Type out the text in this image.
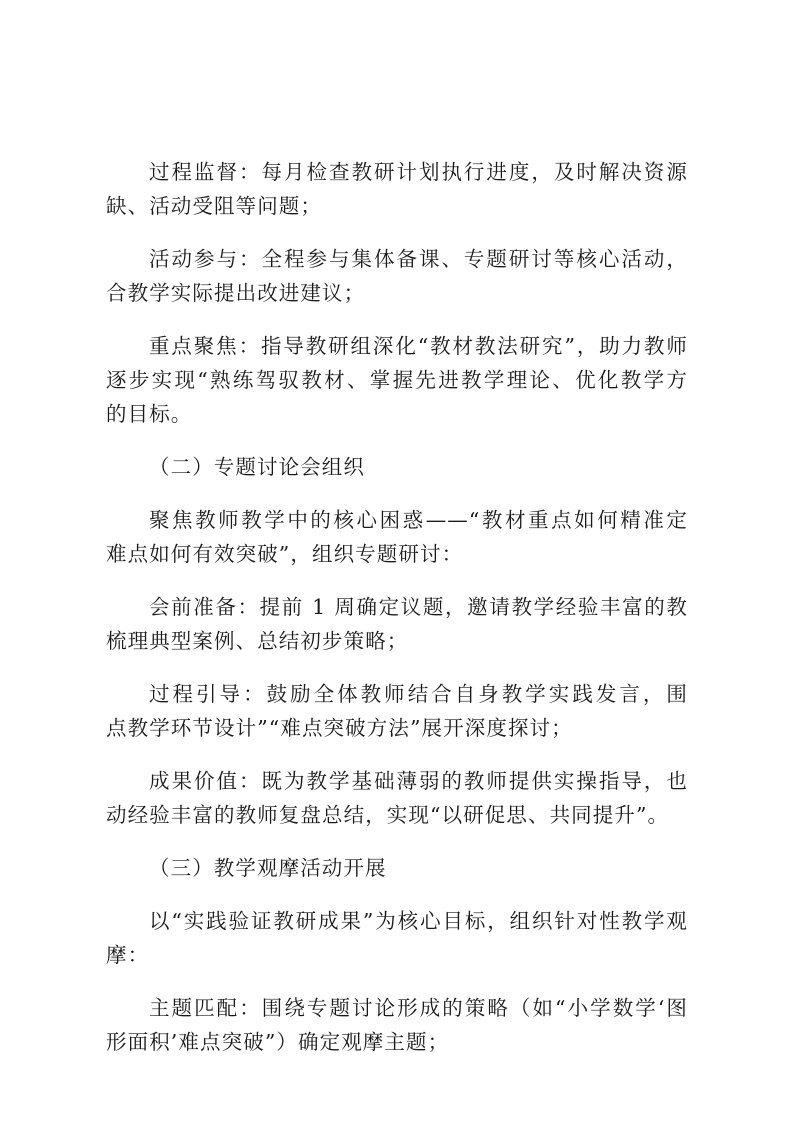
过程监督：每月检查教研计划执行进度，及时解决资源
缺、活动受阻等问题；
活动参与：全程参与集体备课、专题研讨等核心活动，
合教学实际提出改进建议；
重点聚焦：指导教研组深化“教材教法研究”，助力教师
逐步实现“熟练驾驭教材、掌握先进教学理论、优化教学方
的目标。
（二）专题讨论会组织
聚焦教师教学中的核心困惑——“教材重点如何精准定
难点如何有效突破”，组织专题研讨：
会前准备：提前 1 周确定议题，邀请教学经验丰富的教
梳理典型案例、总结初步策略；
过程引导：鼓励全体教师结合自身教学实践发言，围
点教学环节设计”“难点突破方法”展开深度探讨；
成果价值：既为教学基础薄弱的教师提供实操指导，也
动经验丰富的教师复盘总结，实现“以研促思、共同提升”。
（三）教学观摩活动开展
以“实践验证教研成果”为核心目标，组织针对性教学观
摩：
主题匹配：围绕专题讨论形成的策略（如“小学数学‘图
形面积’难点突破”）确定观摩主题；
